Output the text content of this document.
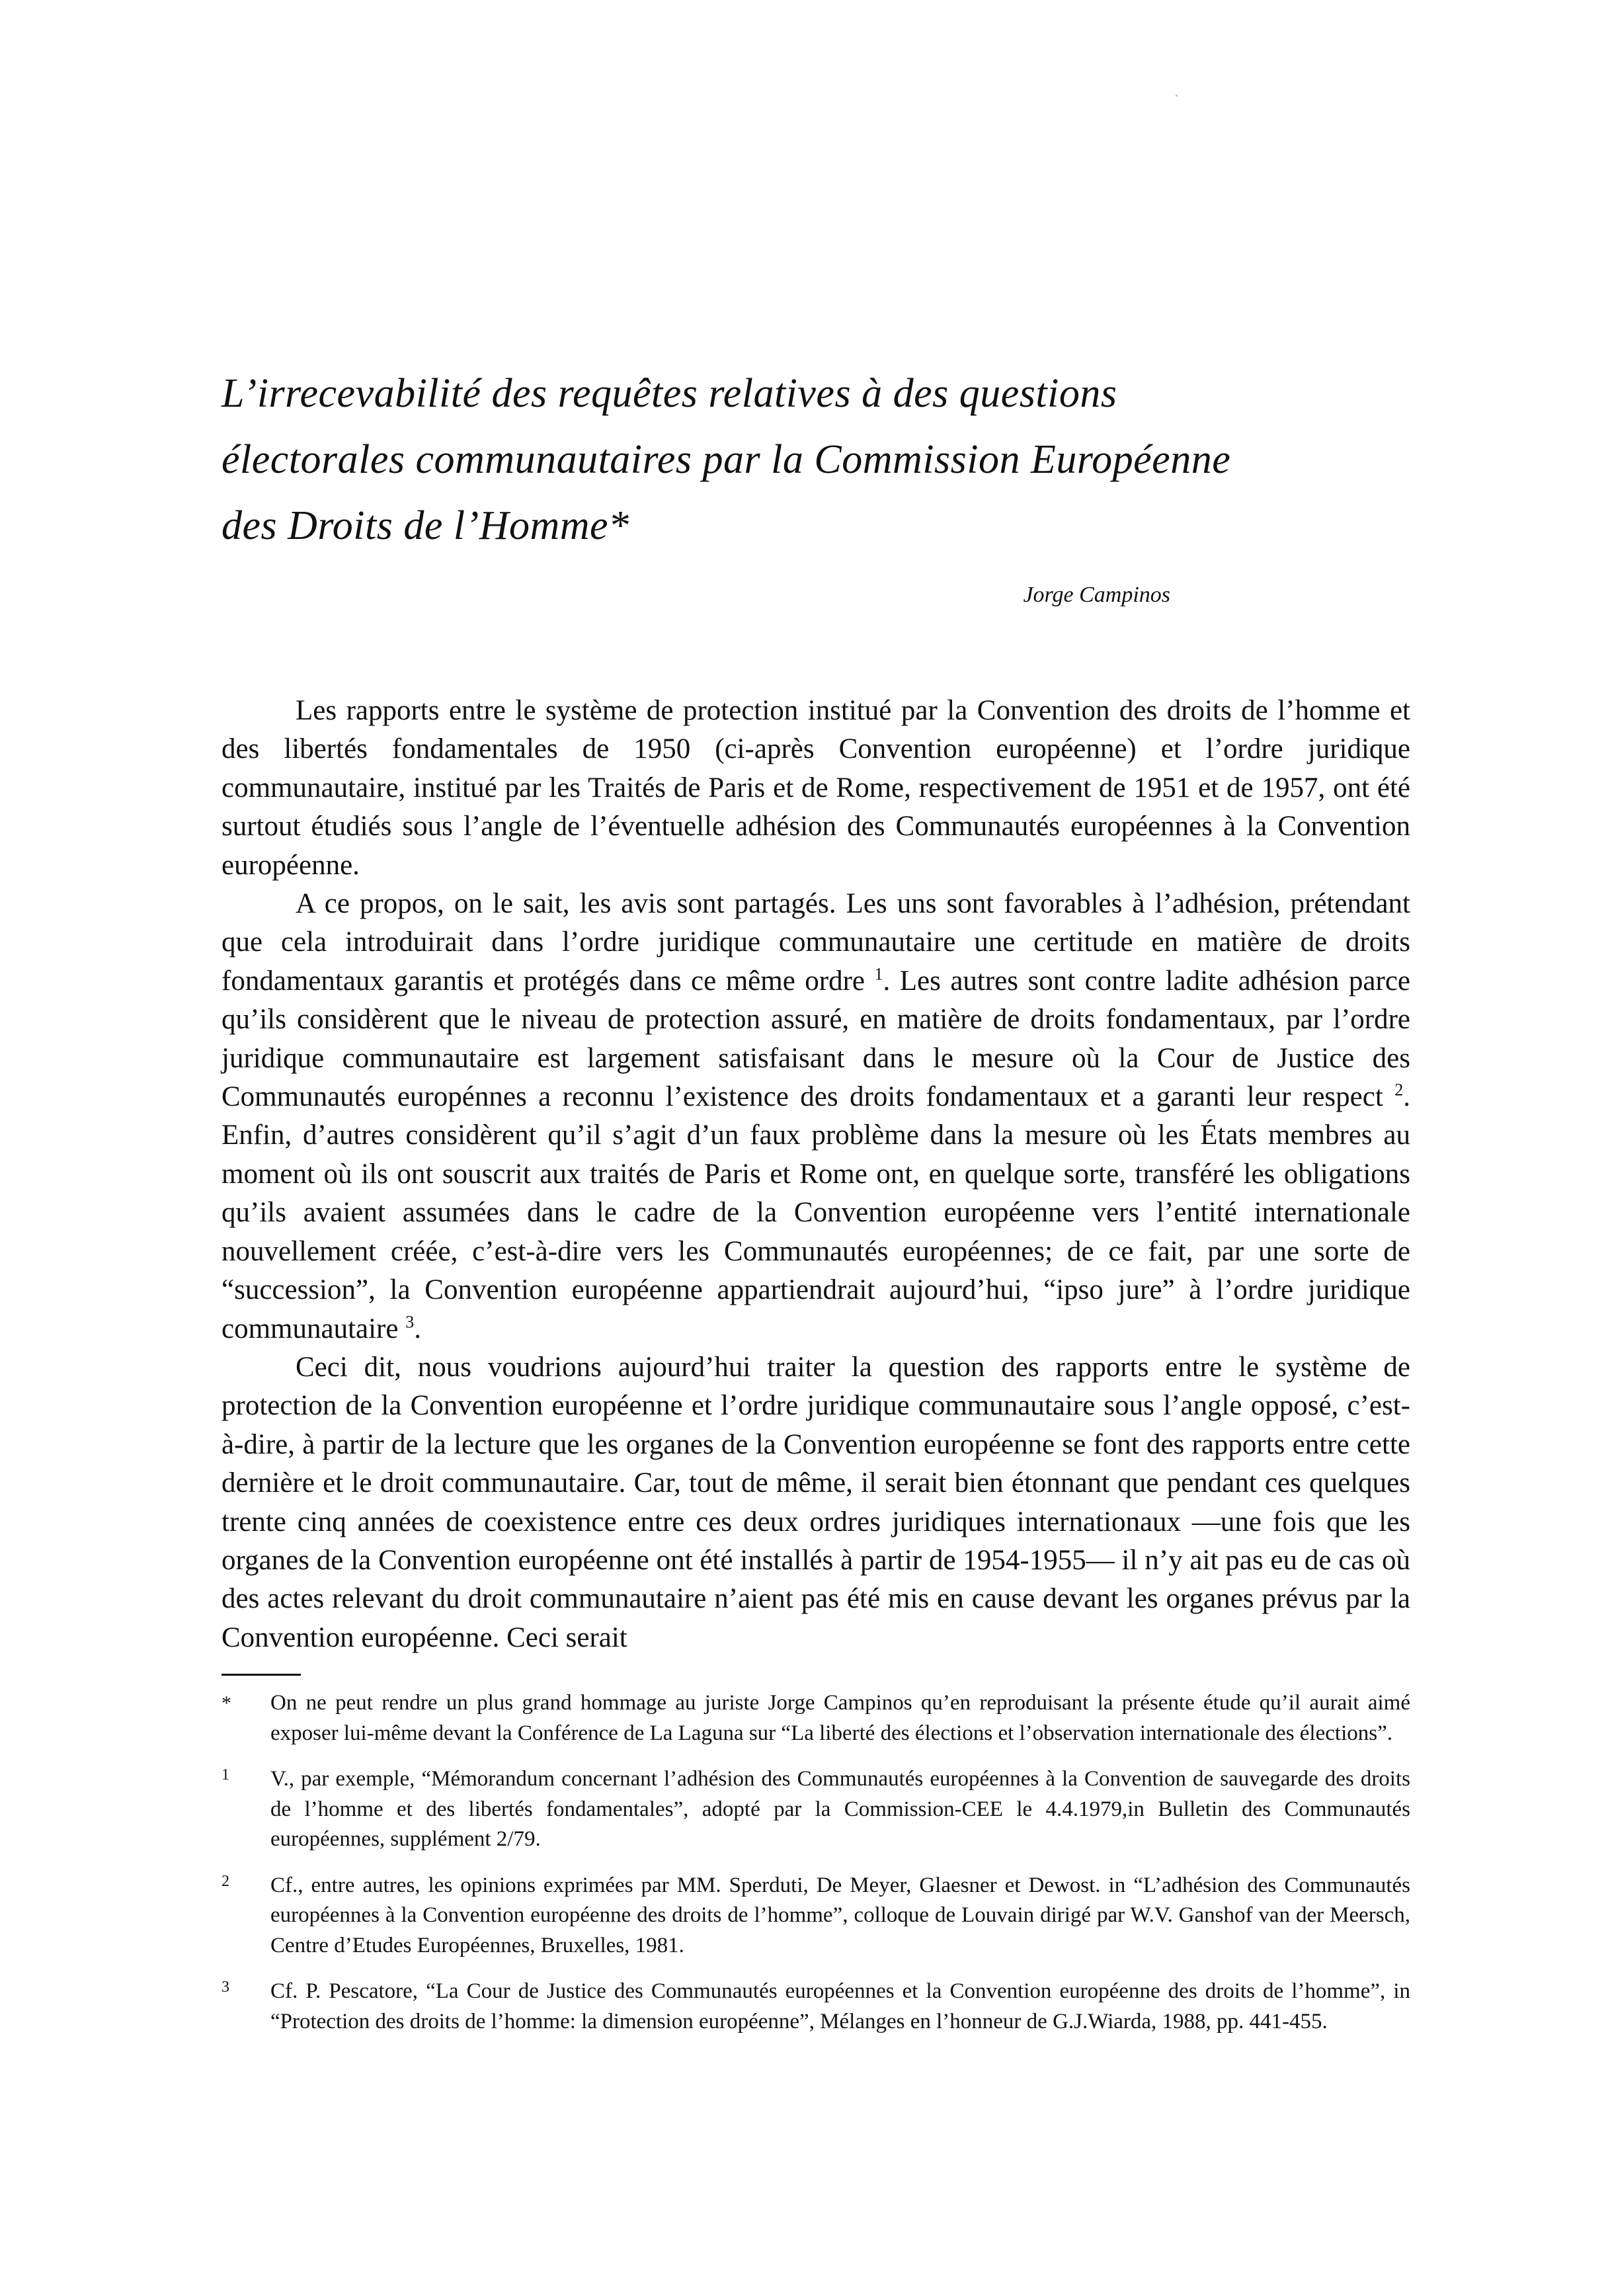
L’irrecevabilité des requêtes relatives à des questions
électorales communautaires par la Commission Européenne
des Droits de l’Homme*
Jorge Campinos

Les rapports entre le système de protection institué par la Convention des droits de l’homme et des libertés fondamentales de 1950 (ci-après Convention européenne) et l’ordre juridique communautaire, institué par les Traités de Paris et de Rome, respectivement de 1951 et de 1957, ont été surtout étudiés sous l’angle de l’éventuelle adhésion des Communautés européennes à la Convention européenne.

A ce propos, on le sait, les avis sont partagés. Les uns sont favorables à l’adhésion, prétendant que cela introduirait dans l’ordre juridique communautaire une certitude en matière de droits fondamentaux garantis et protégés dans ce même ordre $^1$. Les autres sont contre ladite adhésion parce qu’ils considèrent que le niveau de protection assuré, en matière de droits fondamentaux, par l’ordre juridique communautaire est largement satisfaisant dans le mesure où la Cour de Justice des Communautés europénnes a reconnu l’existence des droits fondamentaux et a garanti leur respect $^2$. Enfin, d’autres considèrent qu’il s’agit d’un faux problème dans la mesure où les États membres au moment où ils ont souscrit aux traités de Paris et Rome ont, en quelque sorte, transféré les obligations qu’ils avaient assumées dans le cadre de la Convention européenne vers l’entité internationale nouvellement créée, c’est-à-dire vers les Communautés européennes; de ce fait, par une sorte de “succession”, la Convention européenne appartiendrait aujourd’hui, “ipso jure” à l’ordre juridique communautaire $^3$.

Ceci dit, nous voudrions aujourd’hui traiter la question des rapports entre le système de protection de la Convention européenne et l’ordre juridique communautaire sous l’angle opposé, c’est-à-dire, à partir de la lecture que les organes de la Convention européenne se font des rapports entre cette dernière et le droit communautaire. Car, tout de même, il serait bien étonnant que pendant ces quelques trente cinq années de coexistence entre ces deux ordres juridiques internationaux —une fois que les organes de la Convention européenne ont été installés à partir de 1954-1955— il n’y ait pas eu de cas où des actes relevant du droit communautaire n’aient pas été mis en cause devant les organes prévus par la Convention européenne. Ceci serait

*	On ne peut rendre un plus grand hommage au juriste Jorge Campinos qu’en reproduisant la présente étude qu’il aurait aimé exposer lui-même devant la Conférence de La Laguna sur “La liberté des élections et l’observation internationale des élections”.
1	V., par exemple, “Mémorandum concernant l’adhésion des Communautés européennes à la Convention de sauvegarde des droits de l’homme et des libertés fondamentales”, adopté par la Commission-CEE le 4.4.1979,in Bulletin des Communautés européennes, supplément 2/79.
2	Cf., entre autres, les opinions exprimées par MM. Sperduti, De Meyer, Glaesner et Dewost. in “L’adhésion des Communautés européennes à la Convention européenne des droits de l’homme”, colloque de Louvain dirigé par W.V. Ganshof van der Meersch, Centre d’Etudes Européennes, Bruxelles, 1981.
3	Cf. P. Pescatore, “La Cour de Justice des Communautés européennes et la Convention européenne des droits de l’homme”, in “Protection des droits de l’homme: la dimension européenne”, Mélanges en l’honneur de G.J.Wiarda, 1988, pp. 441-455.
